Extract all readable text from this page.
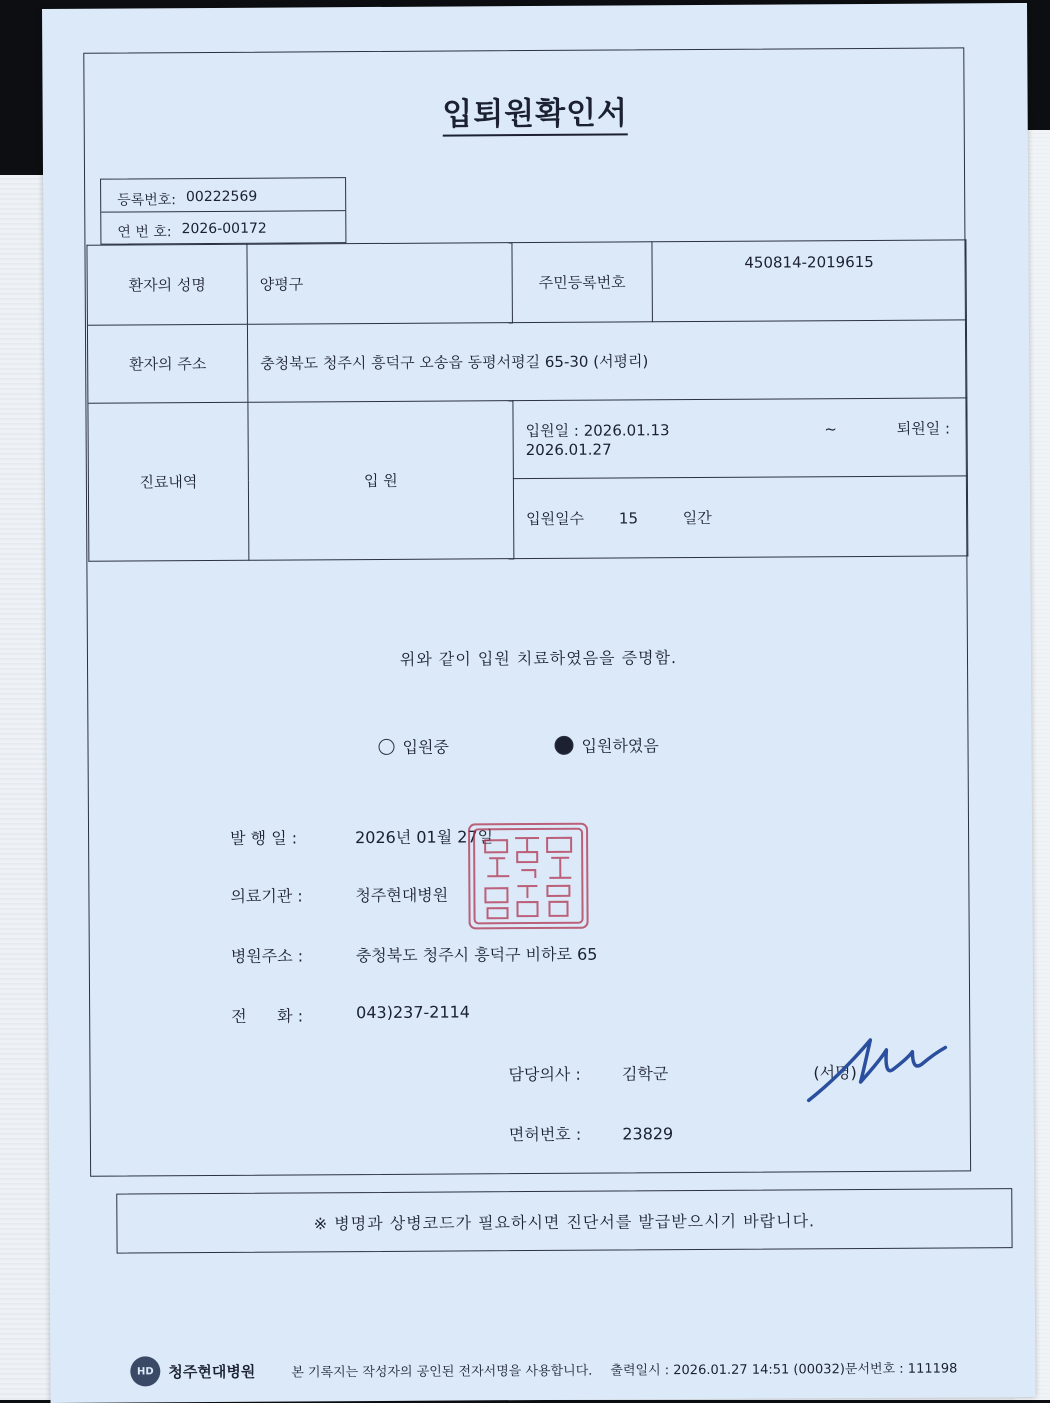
입퇴원확인서
등록번호: 00222569
연 번 호: 2026-00172
환자의 성명	양평구	주민등록번호	450814-2019615
환자의 주소	충청북도 청주시 흥덕구 오송읍 동평서평길 65-30 (서평리)		
진료내역	입 원	입원일 : 2026.01.13 ~ 퇴원일 : 2026.01.27	
		입원일수 15 일간	
위와 같이 입원 치료하였음을 증명함.
입원중	입원하였음
발 행 일 :	2026년 01월 27일
의료기관 :	청주현대병원
병원주소 :	충청북도 청주시 흥덕구 비하로 65
전      화 :	043)237-2114
담당의사 :	김학군	(서명)
면허번호 :	23829
※ 병명과 상병코드가 필요하시면 진단서를 발급받으시기 바랍니다.
HD 청주현대병원	본 기록지는 작성자의 공인된 전자서명을 사용합니다. 출력일시 : 2026.01.27 14:51 (00032)문서번호 : 111198
